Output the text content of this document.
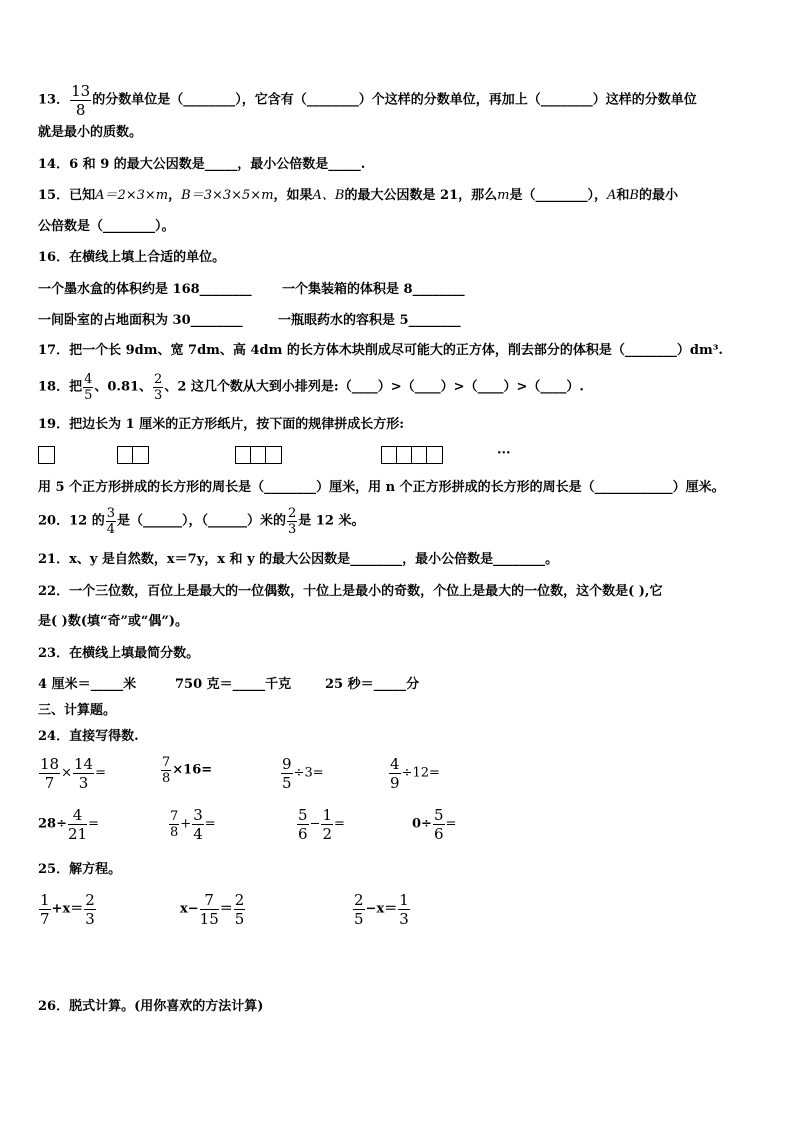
13． $\frac{13}{8}$ 的分数单位是（________），它含有（________）个这样的分数单位，再加上（________）这样的分数单位
就是最小的质数。
14．6 和 9 的最大公因数是_____，最小公倍数是_____.
15．已知A＝2×3×m，B＝3×3×5×m，如果A、B的最大公因数是 21，那么m是（________），A和B的最小
公倍数是（________）。
16．在横线上填上合适的单位。
一个墨水盒的体积约是 168________ 一个集装箱的体积是 8________
一间卧室的占地面积为 30________	一瓶眼药水的容积是 5________
17．把一个长 9dm、宽 7dm、高 4dm 的长方体木块削成尽可能大的正方体，削去部分的体积是（________）dm³.
18．把 $\frac{4}{5}$ 、0.81、 $\frac{2}{3}$ 、2 这几个数从大到小排列是:（____）>（____）>（____）>（____）.
19．把边长为 1 厘米的正方形纸片，按下面的规律拼成长方形:
···
用 5 个正方形拼成的长方形的周长是（________）厘米，用 n 个正方形拼成的长方形的周长是（____________）厘米。
20．12 的 $\frac{3}{4}$ 是（______），（______）米的 $\frac{2}{3}$ 是 12 米。
21．x、y 是自然数，x＝7y，x 和 y 的最大公因数是________，最小公倍数是________。
22．一个三位数，百位上是最大的一位偶数，十位上是最小的奇数，个位上是最大的一位数，这个数是( ),它
是( )数(填“奇”或“偶”)。
23．在横线上填最简分数。
4 厘米＝_____米	750 克＝_____千克	25 秒＝_____分
三、计算题。
24．直接写得数.
$\frac{18}{7} \times \frac{14}{3}$ =	$\frac{7}{8} \times 16=$	$\frac{9}{5} \div 3=$	$\frac{4}{9} \div 12=$
$28\div \frac{4}{21}$ =	$\frac{7}{8} + \frac{3}{4}$ =	$\frac{5}{6} - \frac{1}{2}$ =	$0\div \frac{5}{6}$ =
25．解方程。
$\frac{1}{7} +x= \frac{2}{3}$	$x- \frac{7}{15} = \frac{2}{5}$	$\frac{2}{5} -x= \frac{1}{3}$
26．脱式计算。(用你喜欢的方法计算)
